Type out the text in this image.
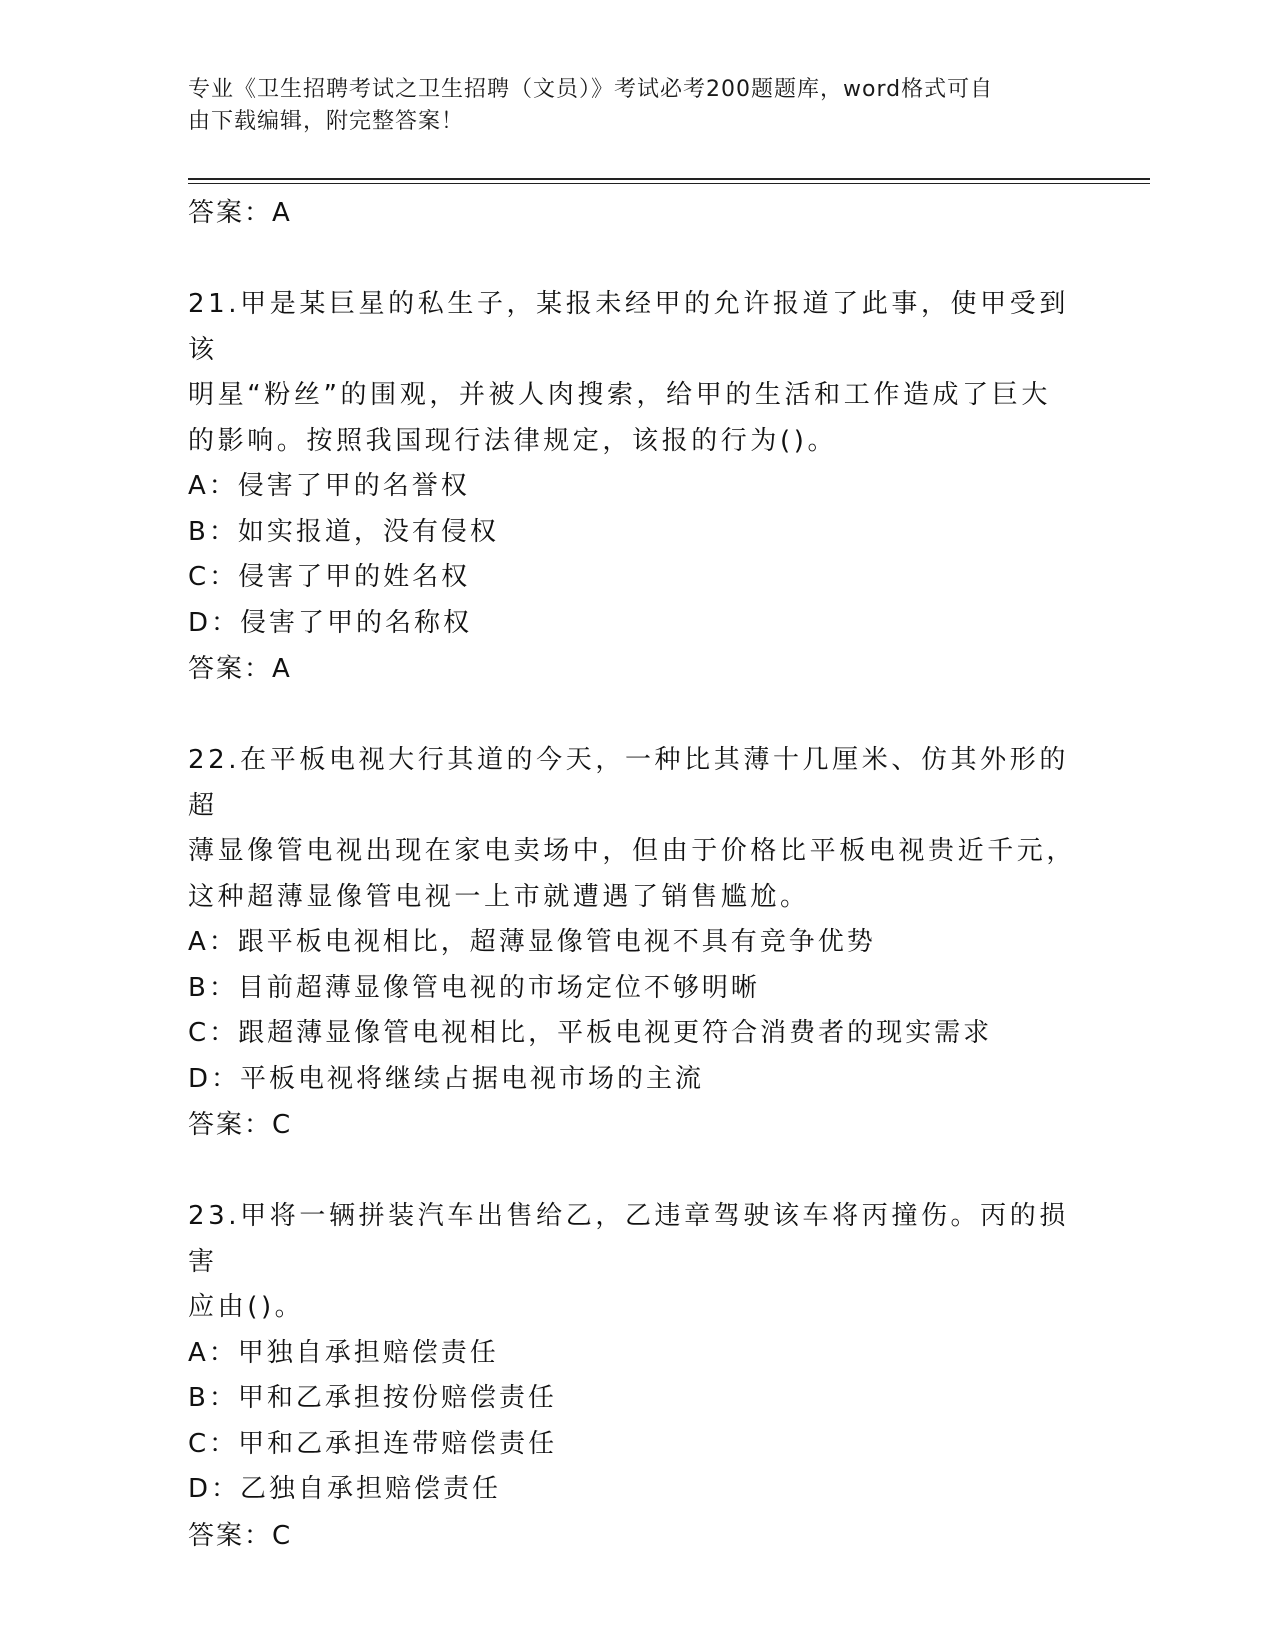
专业《卫生招聘考试之卫生招聘（文员）》考试必考200题题库，word格式可自
由下载编辑，附完整答案！
答案：A
21.甲是某巨星的私生子，某报未经甲的允许报道了此事，使甲受到该
明星“粉丝”的围观，并被人肉搜索，给甲的生活和工作造成了巨大
的影响。按照我国现行法律规定，该报的行为()。
A：侵害了甲的名誉权
B：如实报道，没有侵权
C：侵害了甲的姓名权
D：侵害了甲的名称权
答案：A
22.在平板电视大行其道的今天，一种比其薄十几厘米、仿其外形的超
薄显像管电视出现在家电卖场中，但由于价格比平板电视贵近千元，
这种超薄显像管电视一上市就遭遇了销售尴尬。
A：跟平板电视相比，超薄显像管电视不具有竞争优势
B：目前超薄显像管电视的市场定位不够明晰
C：跟超薄显像管电视相比，平板电视更符合消费者的现实需求
D：平板电视将继续占据电视市场的主流
答案：C
23.甲将一辆拼装汽车出售给乙，乙违章驾驶该车将丙撞伤。丙的损害
应由()。
A：甲独自承担赔偿责任
B：甲和乙承担按份赔偿责任
C：甲和乙承担连带赔偿责任
D：乙独自承担赔偿责任
答案：C
